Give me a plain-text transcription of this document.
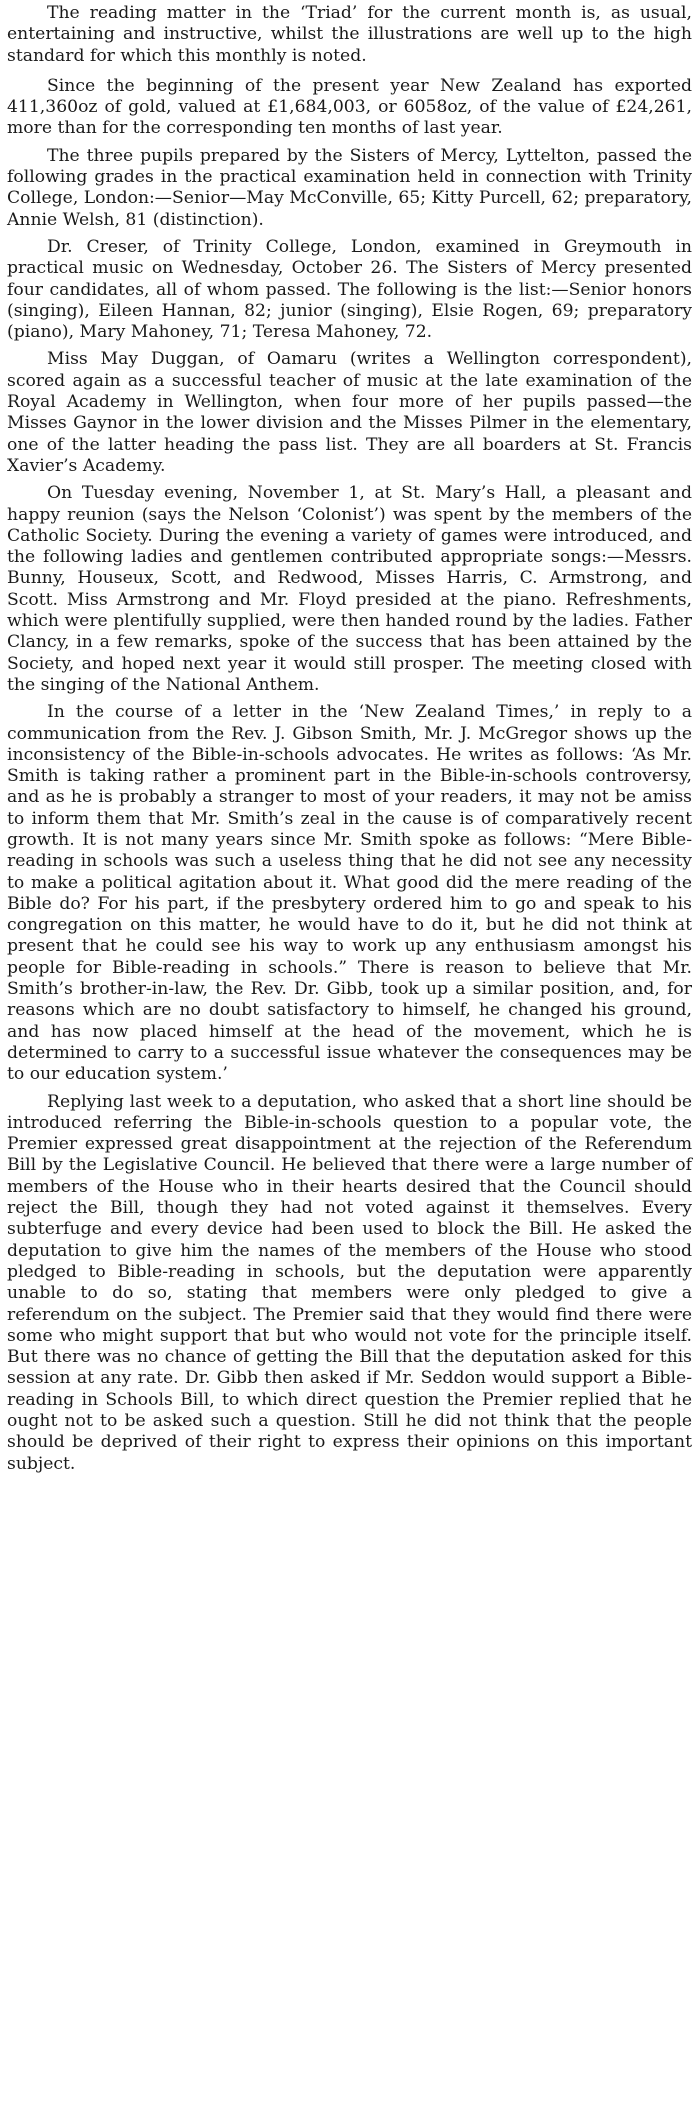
The reading matter in the ‘Triad’ for the current month is, as usual, entertaining and instructive, whilst the illustrations are well up to the high standard for which this monthly is noted.

Since the beginning of the present year New Zealand has exported 411,360oz of gold, valued at £1,684,003, or 6058oz, of the value of £24,261, more than for the corresponding ten months of last year.

The three pupils prepared by the Sisters of Mercy, Lyttelton, passed the following grades in the practical examination held in connection with Trinity College, London:—Senior—May McConville, 65; Kitty Purcell, 62; preparatory, Annie Welsh, 81 (distinction).

Dr. Creser, of Trinity College, London, examined in Greymouth in practical music on Wednesday, October 26. The Sisters of Mercy presented four candidates, all of whom passed. The following is the list:—Senior honors (singing), Eileen Hannan, 82; junior (singing), Elsie Rogen, 69; preparatory (piano), Mary Mahoney, 71; Teresa Mahoney, 72.

Miss May Duggan, of Oamaru (writes a Wellington correspondent), scored again as a successful teacher of music at the late examination of the Royal Academy in Wellington, when four more of her pupils passed—the Misses Gaynor in the lower division and the Misses Pilmer in the elementary, one of the latter heading the pass list. They are all boarders at St. Francis Xavier’s Academy.

On Tuesday evening, November 1, at St. Mary’s Hall, a pleasant and happy reunion (says the Nelson ‘Colonist’) was spent by the members of the Catholic Society. During the evening a variety of games were introduced, and the following ladies and gentlemen contributed appropriate songs:—Messrs. Bunny, Houseux, Scott, and Redwood, Misses Harris, C. Armstrong, and Scott. Miss Armstrong and Mr. Floyd presided at the piano. Refreshments, which were plentifully supplied, were then handed round by the ladies. Father Clancy, in a few remarks, spoke of the success that has been attained by the Society, and hoped next year it would still prosper. The meeting closed with the singing of the National Anthem.

In the course of a letter in the ‘New Zealand Times,’ in reply to a communication from the Rev. J. Gibson Smith, Mr. J. McGregor shows up the inconsistency of the Bible-in-schools advocates. He writes as follows: ‘As Mr. Smith is taking rather a prominent part in the Bible-in-schools controversy, and as he is probably a stranger to most of your readers, it may not be amiss to inform them that Mr. Smith’s zeal in the cause is of comparatively recent growth. It is not many years since Mr. Smith spoke as follows: “Mere Bible-reading in schools was such a useless thing that he did not see any necessity to make a political agitation about it. What good did the mere reading of the Bible do? For his part, if the presbytery ordered him to go and speak to his congregation on this matter, he would have to do it, but he did not think at present that he could see his way to work up any enthusiasm amongst his people for Bible-reading in schools.” There is reason to believe that Mr. Smith’s brother-in-law, the Rev. Dr. Gibb, took up a similar position, and, for reasons which are no doubt satisfactory to himself, he changed his ground, and has now placed himself at the head of the movement, which he is determined to carry to a successful issue whatever the consequences may be to our education system.’

Replying last week to a deputation, who asked that a short line should be introduced referring the Bible-in-schools question to a popular vote, the Premier expressed great disappointment at the rejection of the Referendum Bill by the Legislative Council. He believed that there were a large number of members of the House who in their hearts desired that the Council should reject the Bill, though they had not voted against it themselves. Every subterfuge and every device had been used to block the Bill. He asked the deputation to give him the names of the members of the House who stood pledged to Bible-reading in schools, but the deputation were apparently unable to do so, stating that members were only pledged to give a referendum on the subject. The Premier said that they would find there were some who might support that but who would not vote for the principle itself. But there was no chance of getting the Bill that the deputation asked for this session at any rate. Dr. Gibb then asked if Mr. Seddon would support a Bible-reading in Schools Bill, to which direct question the Premier replied that he ought not to be asked such a question. Still he did not think that the people should be deprived of their right to express their opinions on this important subject.
